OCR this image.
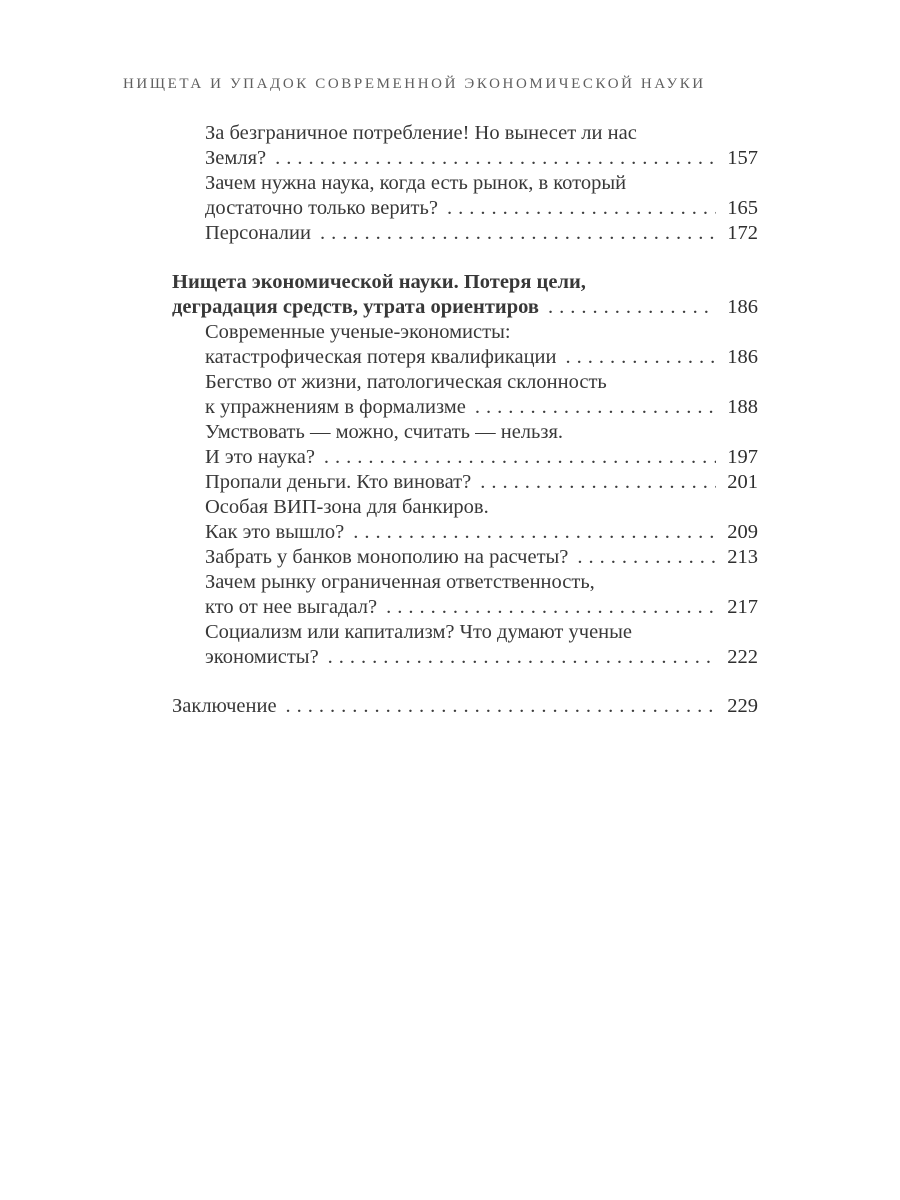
НИЩЕТА И УПАДОК СОВРЕМЕННОЙ ЭКОНОМИЧЕСКОЙ НАУКИ
За безграничное потребление! Но вынесет ли нас
Земля? .....	157
Зачем нужна наука, когда есть рынок, в который
достаточно только верить? .....	165
Персоналии .....	172
Нищета экономической науки. Потеря цели,
деградация средств, утрата ориентиров .....	186
Современные ученые-экономисты:
катастрофическая потеря квалификации .....	186
Бегство от жизни, патологическая склонность
к упражнениям в формализме .....	188
Умствовать — можно, считать — нельзя.
И это наука? .....	197
Пропали деньги. Кто виноват? .....	201
Особая ВИП-зона для банкиров.
Как это вышло? .....	209
Забрать у банков монополию на расчеты? .....	213
Зачем рынку ограниченная ответственность,
кто от нее выгадал? .....	217
Социализм или капитализм? Что думают ученые
экономисты? .....	222
Заключение .....	229
